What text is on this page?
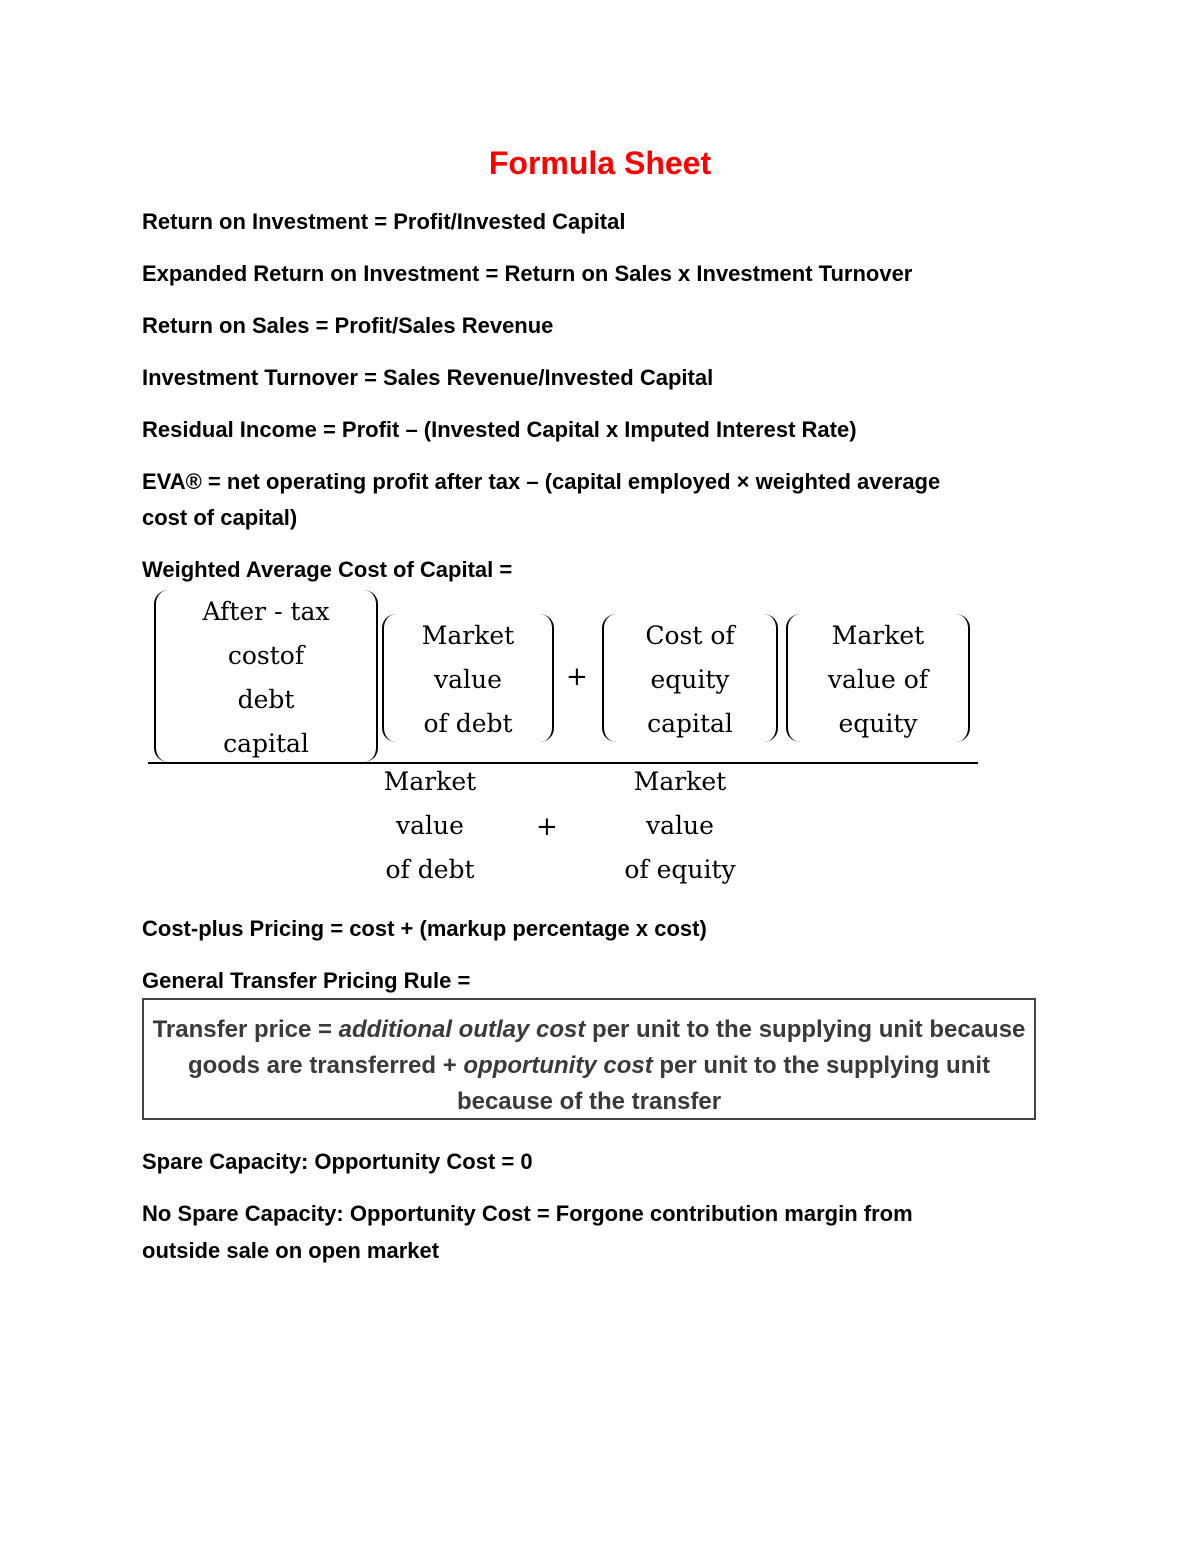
Formula Sheet

Return on Investment = Profit/Invested Capital

Expanded Return on Investment = Return on Sales x Investment Turnover

Return on Sales = Profit/Sales Revenue

Investment Turnover = Sales Revenue/Invested Capital

Residual Income = Profit – (Invested Capital x Imputed Interest Rate)

EVA® = net operating profit after tax – (capital employed × weighted average

cost of capital)

Weighted Average Cost of Capital =

After - tax
costof
debt
capital
Market
value
of debt
+
Cost of
equity
capital
Market
value of
equity
Market
value
of debt
+
Market
value
of equity

Cost-plus Pricing = cost + (markup percentage x cost)

General Transfer Pricing Rule =

Transfer price = additional outlay cost per unit to the supplying unit because goods are transferred + opportunity cost per unit to the supplying unit because of the transfer

Spare Capacity: Opportunity Cost = 0

No Spare Capacity: Opportunity Cost = Forgone contribution margin from

outside sale on open market
